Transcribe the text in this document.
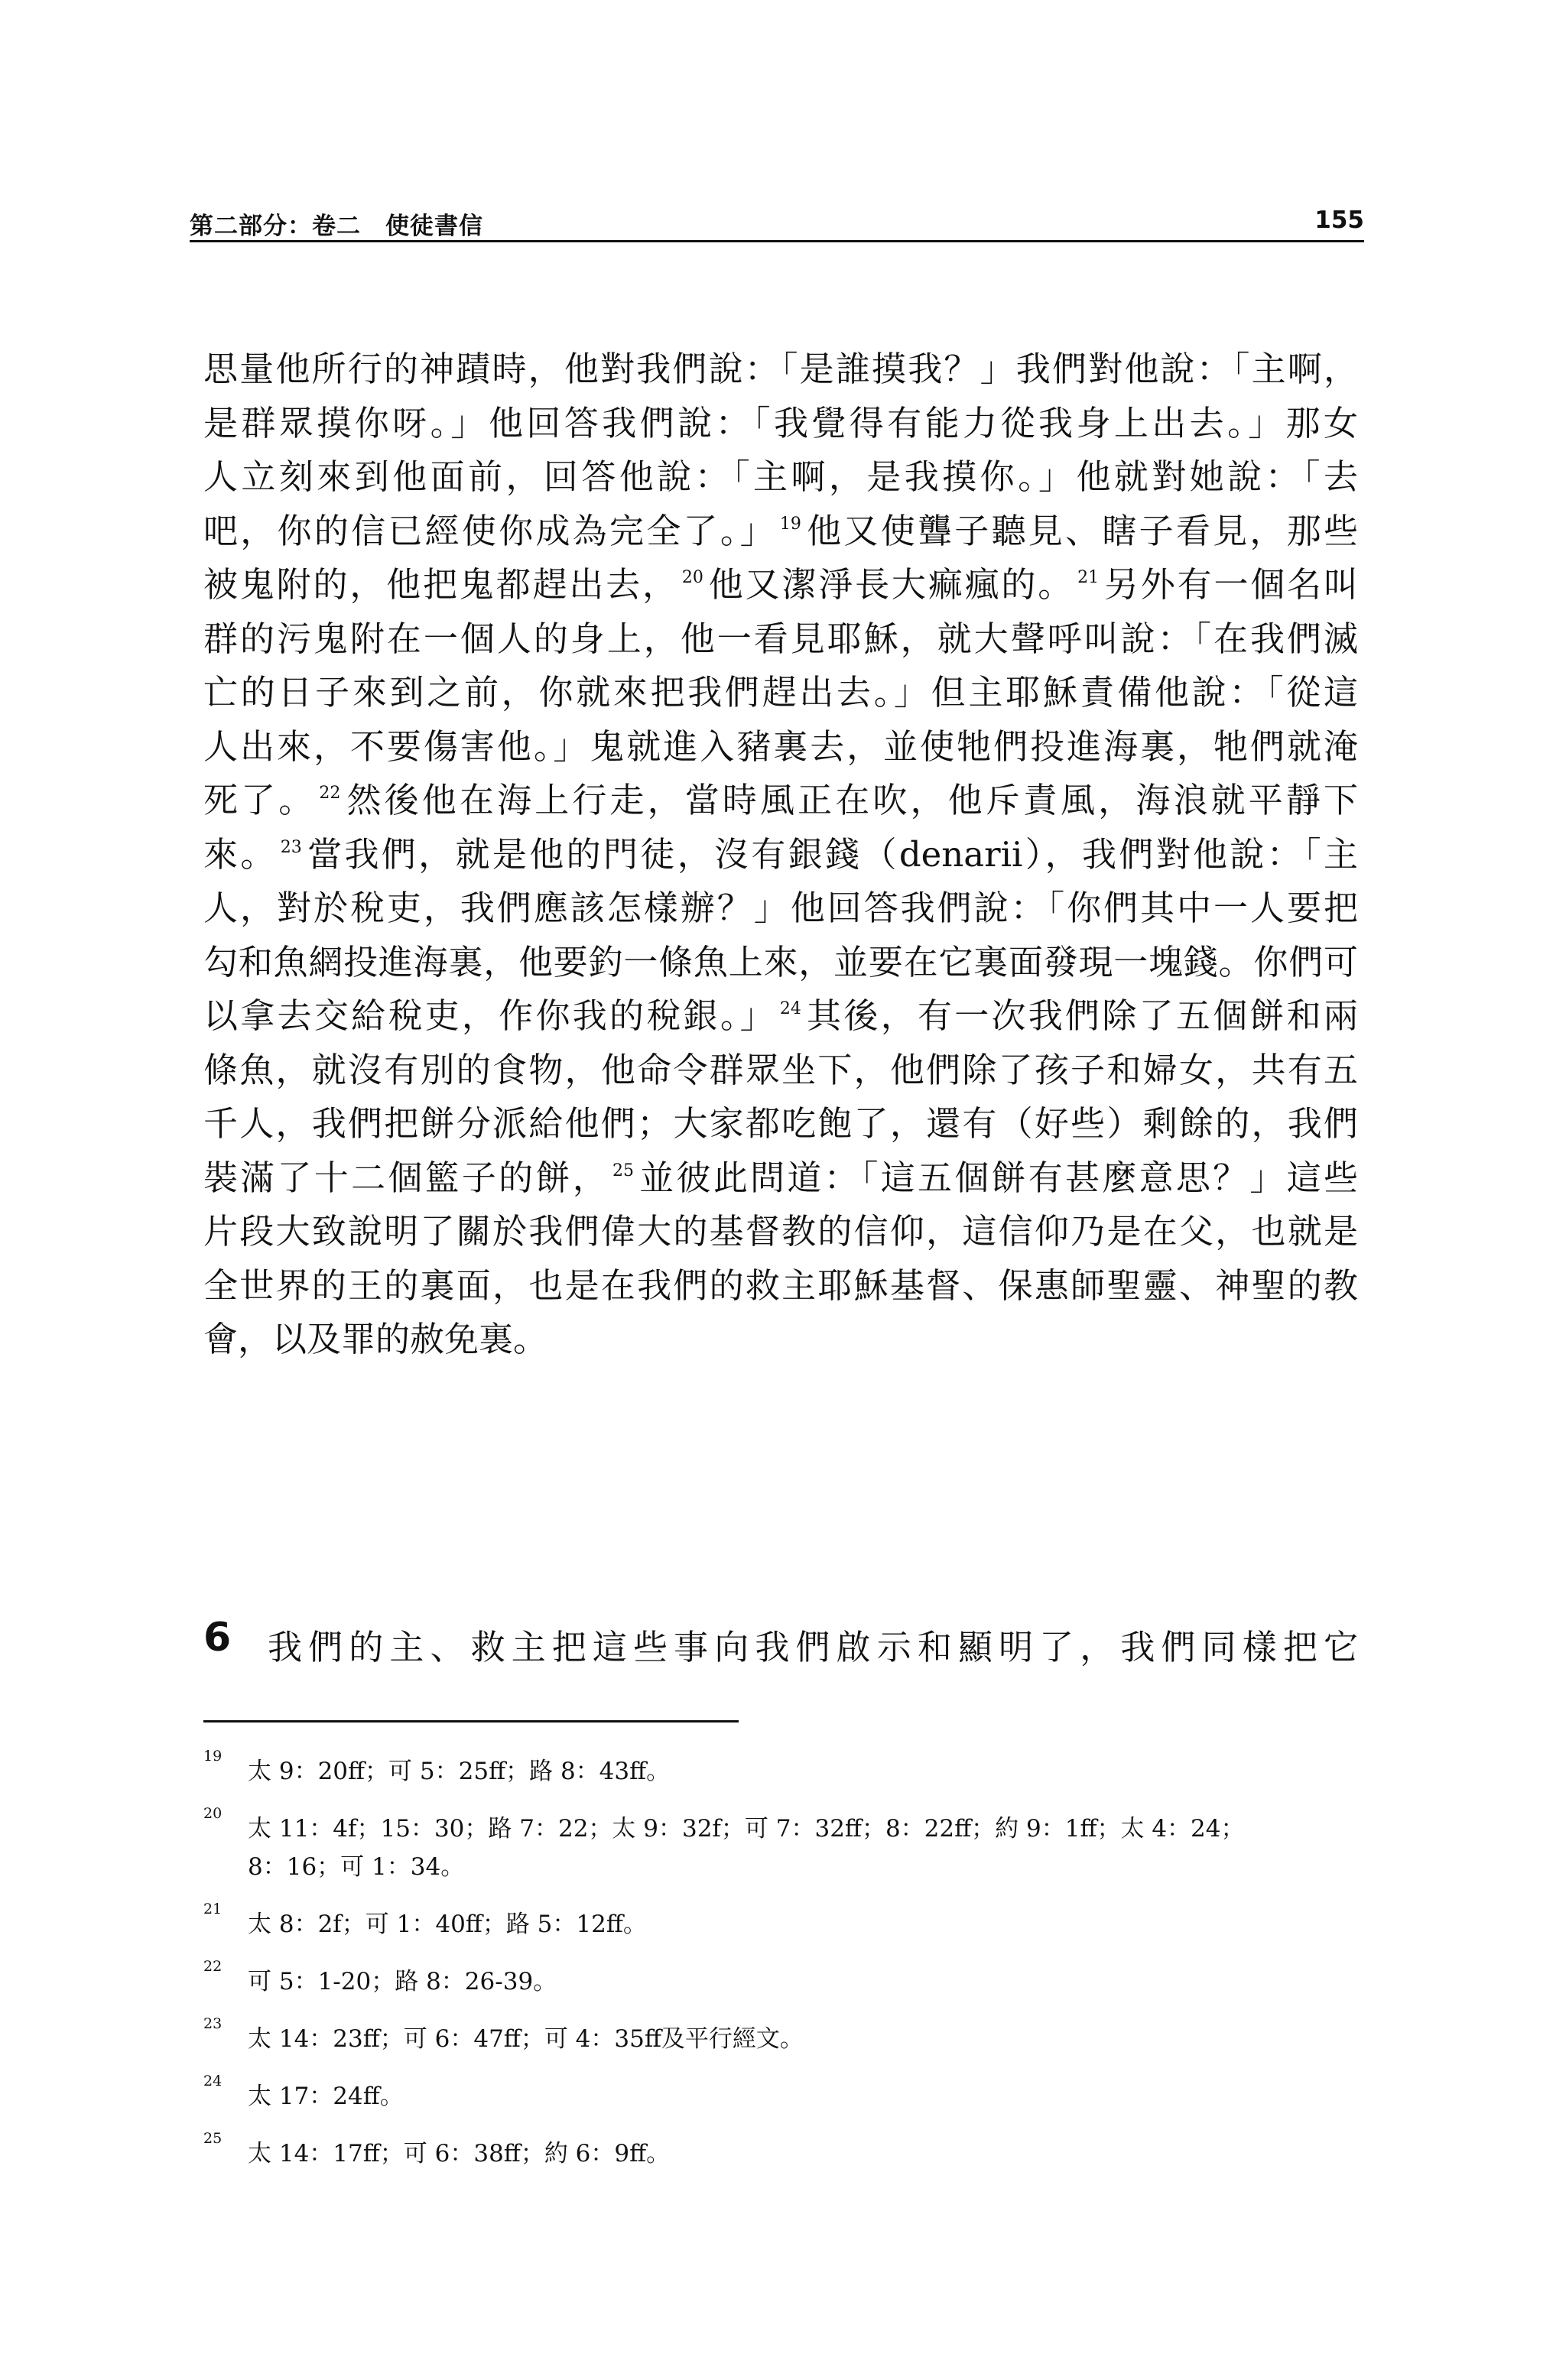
第二部分：卷二　使徒書信	155
思量他所行的神蹟時，他對我們說：「是誰摸我？」我們對他說：「主啊，
是群眾摸你呀。」他回答我們說：「我覺得有能力從我身上出去。」那女
人立刻來到他面前，回答他說：「主啊，是我摸你。」他就對她說：「去
吧，你的信已經使你成為完全了。」 $^{19}$他又使聾子聽見、瞎子看見，那些
被鬼附的，他把鬼都趕出去， $^{20}$他又潔淨長大痲瘋的。 $^{21}$另外有一個名叫
群的污鬼附在一個人的身上，他一看見耶穌，就大聲呼叫說：「在我們滅
亡的日子來到之前，你就來把我們趕出去。」但主耶穌責備他說：「從這
人出來，不要傷害他。」鬼就進入豬裏去，並使牠們投進海裏，牠們就淹
死了。 $^{22}$然後他在海上行走，當時風正在吹，他斥責風，海浪就平靜下
來。 $^{23}$當我們，就是他的門徒，沒有銀錢（denarii），我們對他說：「主
人，對於稅吏，我們應該怎樣辦？」他回答我們說：「你們其中一人要把
勾和魚網投進海裏，他要釣一條魚上來，並要在它裏面發現一塊錢。你們可
以拿去交給稅吏，作你我的稅銀。」 $^{24}$其後，有一次我們除了五個餅和兩
條魚，就沒有別的食物，他命令群眾坐下，他們除了孩子和婦女，共有五
千人，我們把餅分派給他們；大家都吃飽了，還有（好些）剩餘的，我們
裝滿了十二個籃子的餅， $^{25}$並彼此問道：「這五個餅有甚麼意思？」這些
片段大致說明了關於我們偉大的基督教的信仰，這信仰乃是在父，也就是
全世界的王的裏面，也是在我們的救主耶穌基督、保惠師聖靈、神聖的教
會，以及罪的赦免裏。
6 我們的主、救主把這些事向我們啟示和顯明了，我們同樣把它
19
太 9：20ff；可 5：25ff；路 8：43ff。
20
太 11：4f；15：30；路 7：22；太 9：32f；可 7：32ff；8：22ff；約 9：1ff；太 4：24；
8：16；可 1：34。
21
太 8：2f；可 1：40ff；路 5：12ff。
22
可 5：1-20；路 8：26-39。
23
太 14：23ff；可 6：47ff；可 4：35ff及平行經文。
24
太 17：24ff。
25
太 14：17ff；可 6：38ff；約 6：9ff。
